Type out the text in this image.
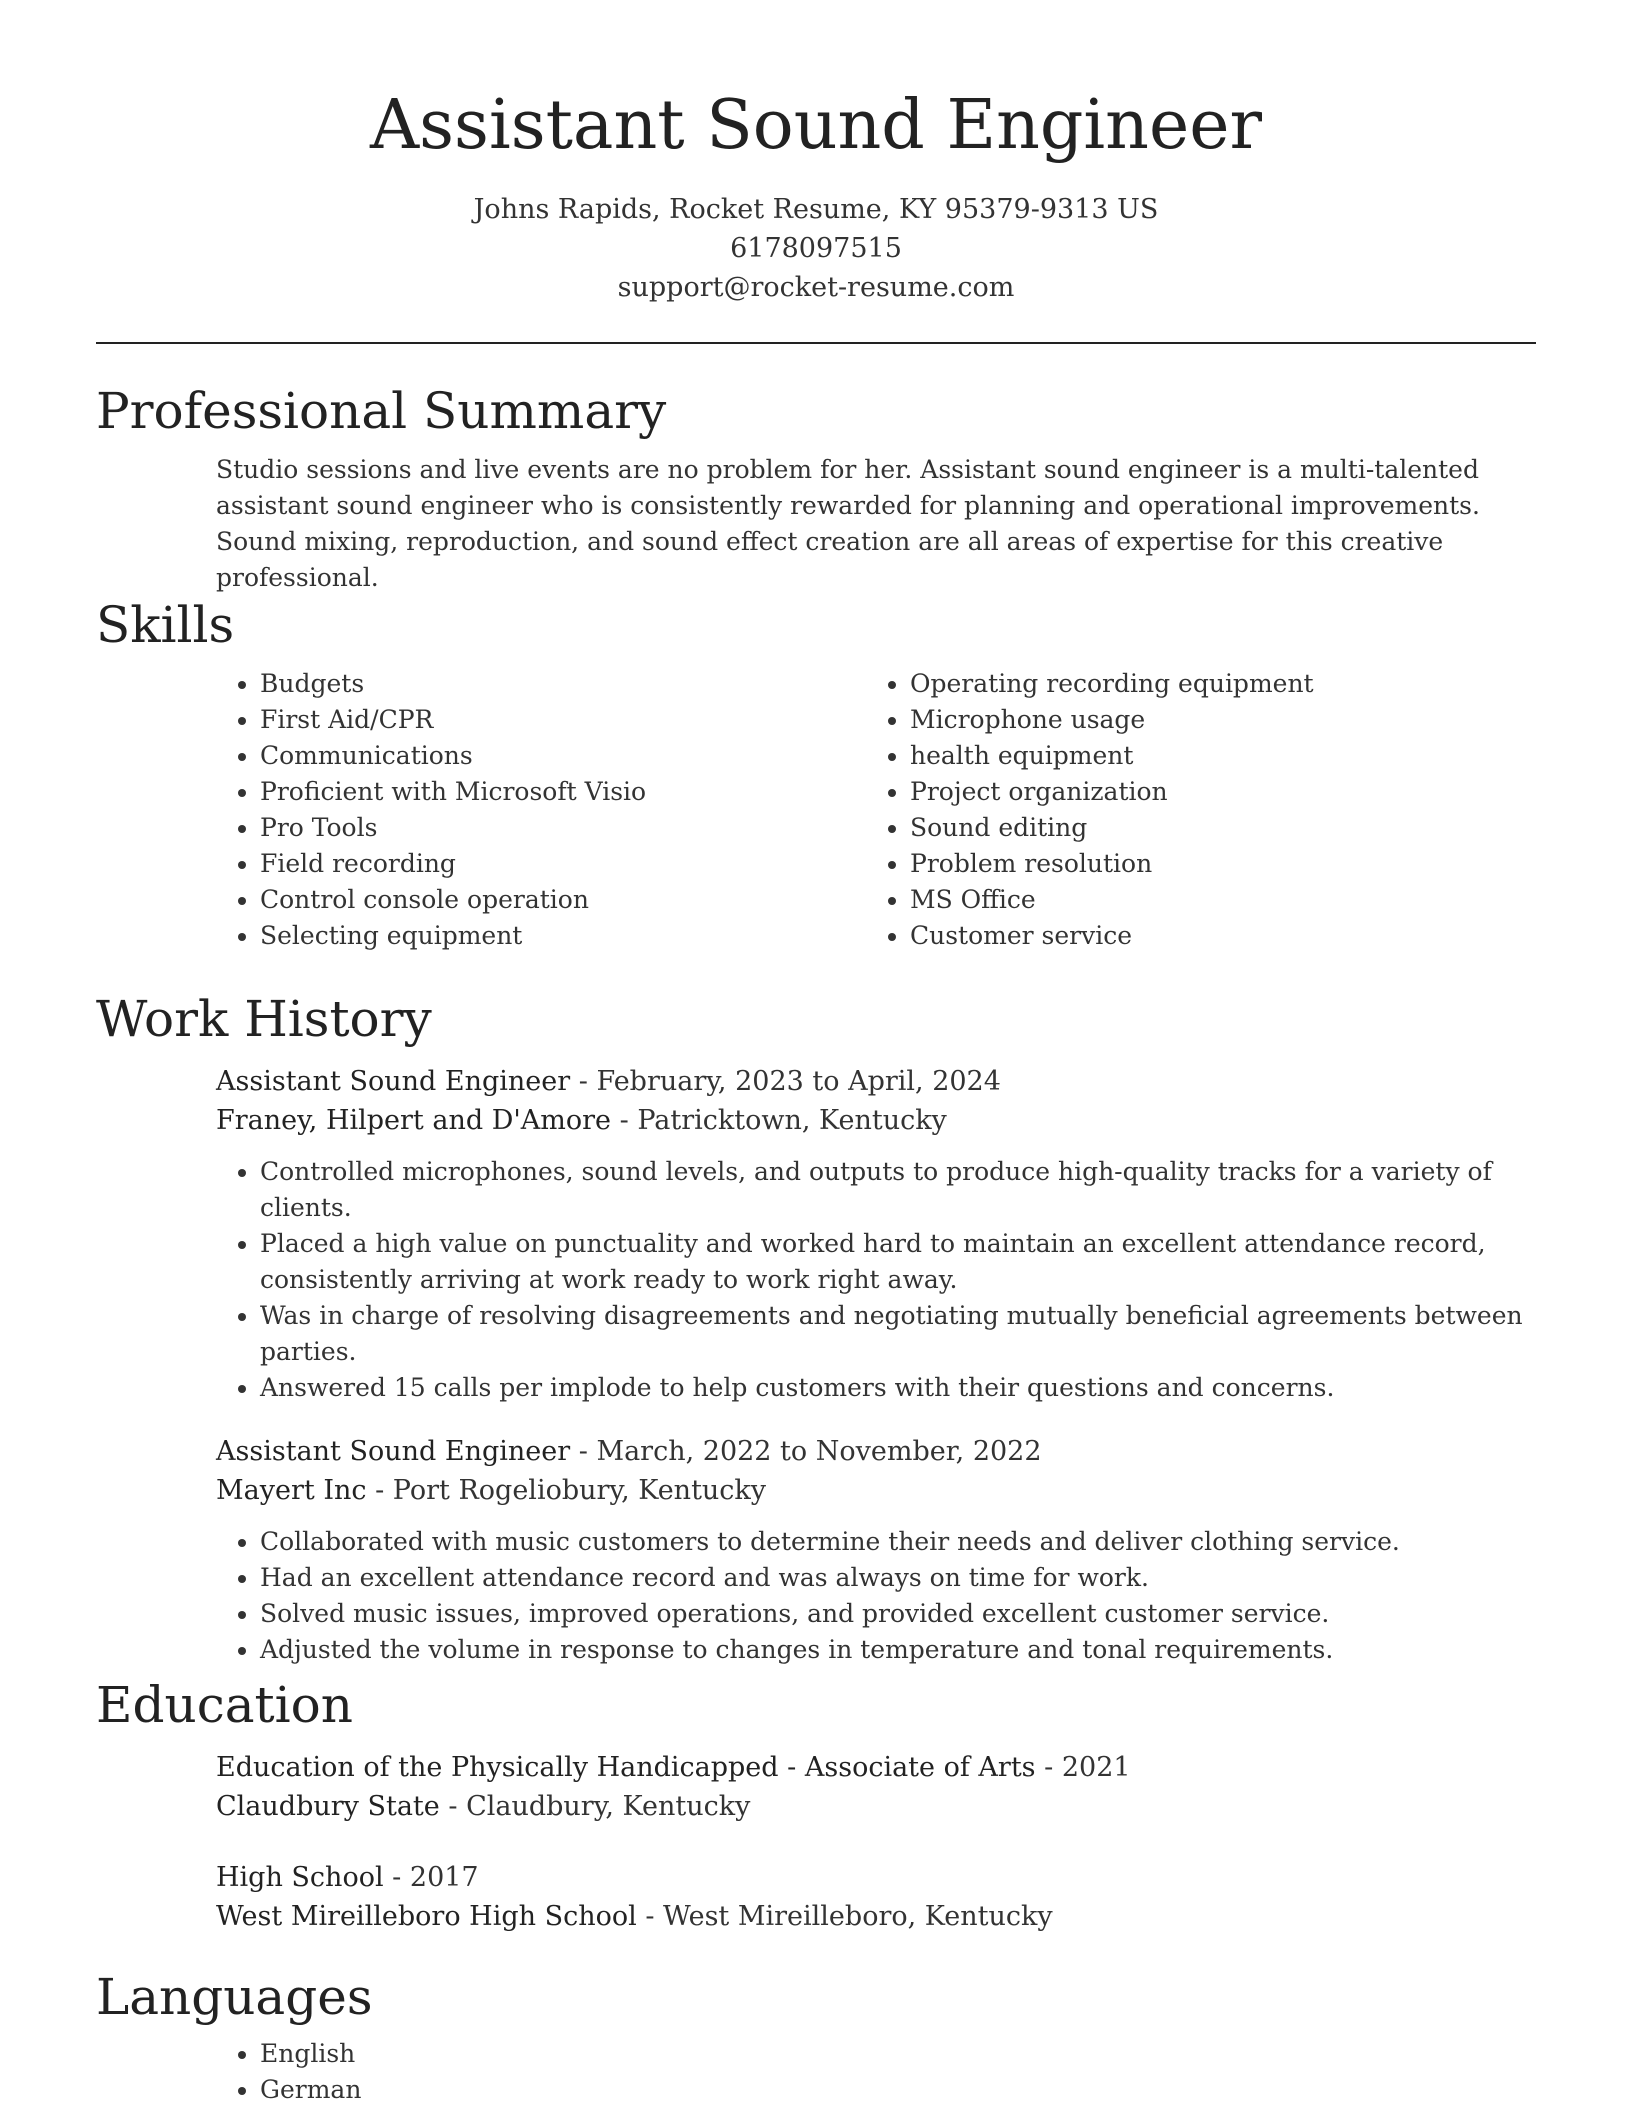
Assistant Sound Engineer
Johns Rapids, Rocket Resume, KY 95379-9313 US
6178097515
support@rocket-resume.com
Professional Summary
Studio sessions and live events are no problem for her. Assistant sound engineer is a multi-talented assistant sound engineer who is consistently rewarded for planning and operational improvements. Sound mixing, reproduction, and sound effect creation are all areas of expertise for this creative professional.
Skills
• Budgets
• First Aid/CPR
• Communications
• Proficient with Microsoft Visio
• Pro Tools
• Field recording
• Control console operation
• Selecting equipment
• Operating recording equipment
• Microphone usage
• health equipment
• Project organization
• Sound editing
• Problem resolution
• MS Office
• Customer service
Work History
Assistant Sound Engineer - February, 2023 to April, 2024
Franey, Hilpert and D'Amore - Patricktown, Kentucky
• Controlled microphones, sound levels, and outputs to produce high-quality tracks for a variety of clients.
• Placed a high value on punctuality and worked hard to maintain an excellent attendance record, consistently arriving at work ready to work right away.
• Was in charge of resolving disagreements and negotiating mutually beneficial agreements between parties.
• Answered 15 calls per implode to help customers with their questions and concerns.
Assistant Sound Engineer - March, 2022 to November, 2022
Mayert Inc - Port Rogeliobury, Kentucky
• Collaborated with music customers to determine their needs and deliver clothing service.
• Had an excellent attendance record and was always on time for work.
• Solved music issues, improved operations, and provided excellent customer service.
• Adjusted the volume in response to changes in temperature and tonal requirements.
Education
Education of the Physically Handicapped - Associate of Arts - 2021
Claudbury State - Claudbury, Kentucky
High School - 2017
West Mireilleboro High School - West Mireilleboro, Kentucky
Languages
• English
• German
